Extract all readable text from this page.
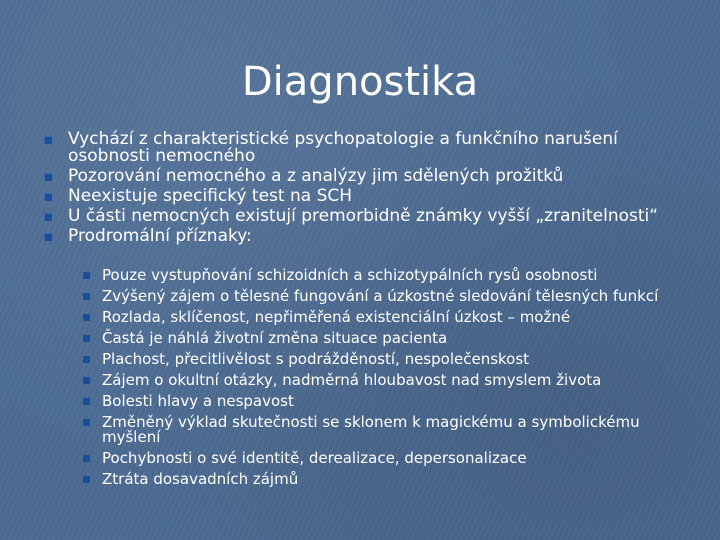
Diagnostika
Vychází z charakteristické psychopatologie a funkčního narušení osobnosti nemocného
Pozorování nemocného a z analýzy jim sdělených prožitků
Neexistuje specifický test na SCH
U části nemocných existují premorbidně známky vyšší „zranitelnosti“
Prodromální příznaky:
Pouze vystupňování schizoidních a schizotypálních rysů osobnosti
Zvýšený zájem o tělesné fungování a úzkostné sledování tělesných funkcí
Rozlada, sklíčenost, nepřiměřená existenciální úzkost – možné
Častá je náhlá životní změna situace pacienta
Plachost, přecitlivělost s podrážděností, nespolečenskost
Zájem o okultní otázky, nadměrná hloubavost nad smyslem života
Bolesti hlavy a nespavost
Změněný výklad skutečnosti se sklonem k magickému a symbolickému myšlení
Pochybnosti o své identitě, derealizace, depersonalizace
Ztráta dosavadních zájmů
